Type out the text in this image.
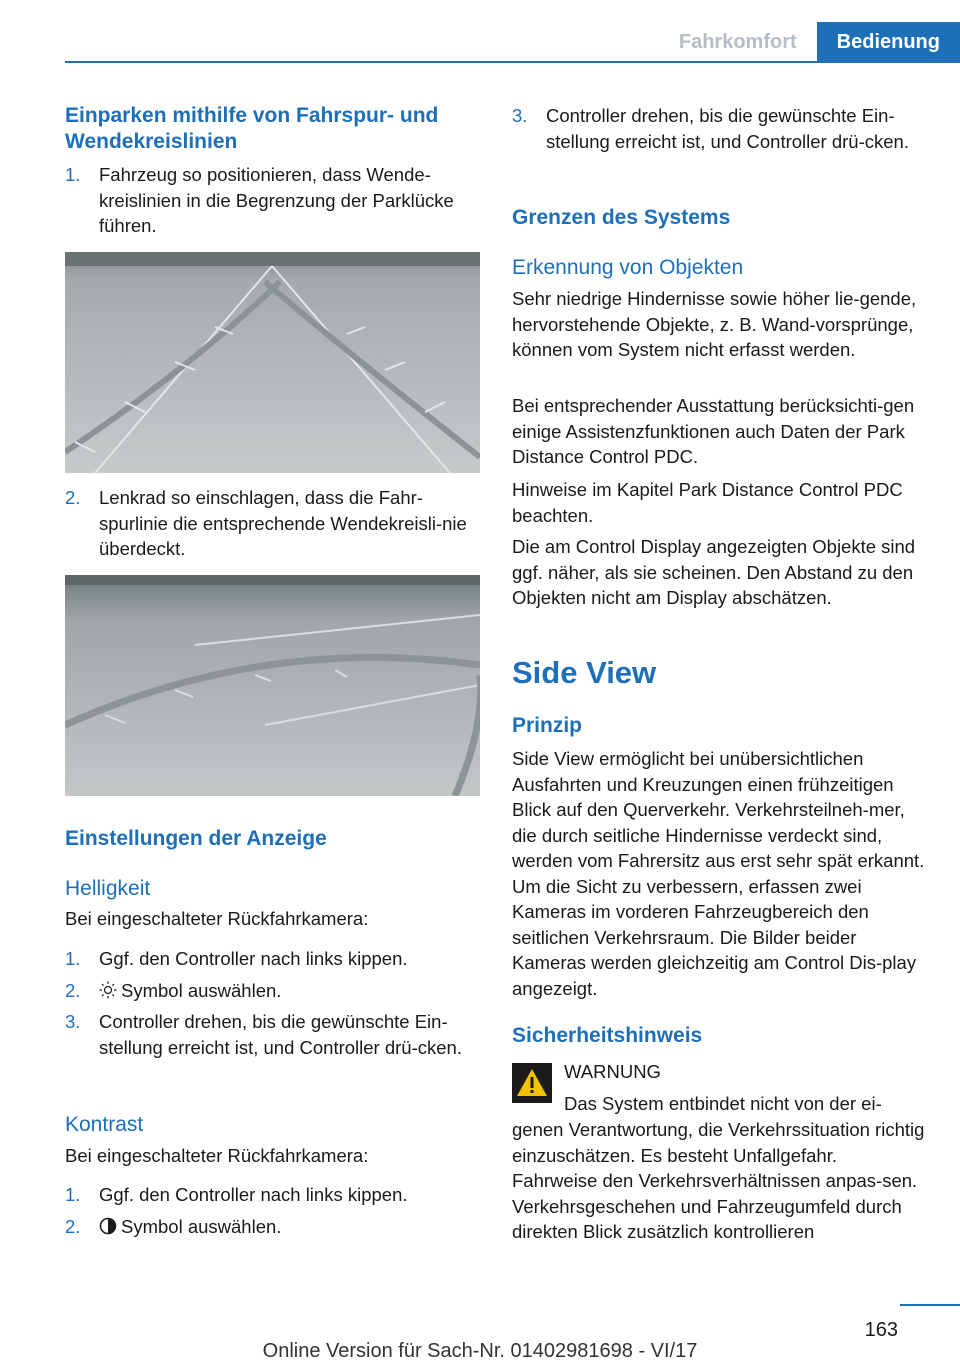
Fahrkomfort	Bedienung
Einparken mithilfe von Fahrspur- und Wendekreislinien
1.	Fahrzeug so positionieren, dass Wende-kreislinien in die Begrenzung der Parklücke führen.
2.	Lenkrad so einschlagen, dass die Fahr-spurlinie die entsprechende Wendekreisli-nie überdeckt.
Einstellungen der Anzeige
Helligkeit
Bei eingeschalteter Rückfahrkamera:
1.	Ggf. den Controller nach links kippen.
2.	Symbol auswählen.
3.	Controller drehen, bis die gewünschte Ein-stellung erreicht ist, und Controller drü-cken.
Kontrast
Bei eingeschalteter Rückfahrkamera:
1.	Ggf. den Controller nach links kippen.
2.	Symbol auswählen.
3.	Controller drehen, bis die gewünschte Ein-stellung erreicht ist, und Controller drü-cken.
Grenzen des Systems
Erkennung von Objekten
Sehr niedrige Hindernisse sowie höher lie-gende, hervorstehende Objekte, z. B. Wand-vorsprünge, können vom System nicht erfasst werden.
Bei entsprechender Ausstattung berücksichti-gen einige Assistenzfunktionen auch Daten der Park Distance Control PDC.
Hinweise im Kapitel Park Distance Control PDC beachten.
Die am Control Display angezeigten Objekte sind ggf. näher, als sie scheinen. Den Abstand zu den Objekten nicht am Display abschätzen.
Side View
Prinzip
Side View ermöglicht bei unübersichtlichen Ausfahrten und Kreuzungen einen frühzeitigen Blick auf den Querverkehr. Verkehrsteilneh-mer, die durch seitliche Hindernisse verdeckt sind, werden vom Fahrersitz aus erst sehr spät erkannt. Um die Sicht zu verbessern, erfassen zwei Kameras im vorderen Fahrzeugbereich den seitlichen Verkehrsraum. Die Bilder beider Kameras werden gleichzeitig am Control Dis-play angezeigt.
Sicherheitshinweis
WARNUNG
Das System entbindet nicht von der ei-
genen Verantwortung, die Verkehrssituation richtig einzuschätzen. Es besteht Unfallgefahr. Fahrweise den Verkehrsverhältnissen anpas-sen. Verkehrsgeschehen und Fahrzeugumfeld durch direkten Blick zusätzlich kontrollieren
163
Online Version für Sach-Nr. 01402981698 - VI/17
